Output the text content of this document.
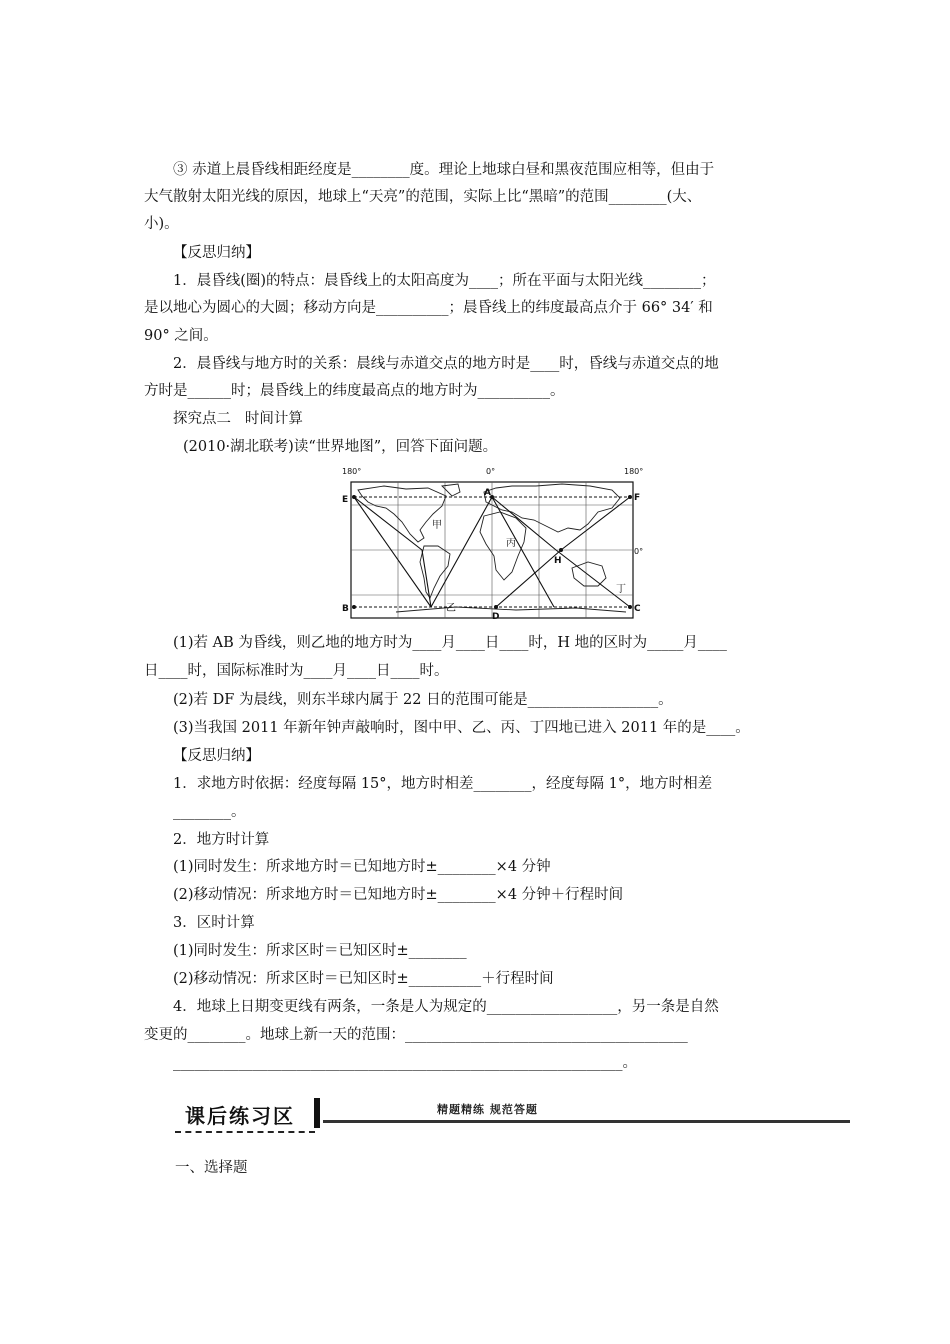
③ 赤道上晨昏线相距经度是________度。理论上地球白昼和黑夜范围应相等，但由于
大气散射太阳光线的原因，地球上“天亮”的范围，实际上比“黑暗”的范围________(大、
小)。
【反思归纳】
1．晨昏线(圈)的特点：晨昏线上的太阳高度为____；所在平面与太阳光线________；
是以地心为圆心的大圆；移动方向是__________；晨昏线上的纬度最高点介于 66° 34′ 和
90° 之间。
2．晨昏线与地方时的关系：晨线与赤道交点的地方时是____时，昏线与赤道交点的地
方时是______时；晨昏线上的纬度最高点的地方时为__________。
探究点二   时间计算
(2010·湖北联考)读“世界地图”，回答下面问题。
180°	0°	180°
0°
E
B
A
D
F
C
H
甲
乙
丙
丁
(1)若 AB 为昏线，则乙地的地方时为____月____日____时，H 地的区时为_____月____
日____时，国际标准时为____月____日____时。
(2)若 DF 为晨线，则东半球内属于 22 日的范围可能是__________________。
(3)当我国 2011 年新年钟声敲响时，图中甲、乙、丙、丁四地已进入 2011 年的是____。
【反思归纳】
1．求地方时依据：经度每隔 15°，地方时相差________，经度每隔 1°，地方时相差
________。
2．地方时计算
(1)同时发生：所求地方时＝已知地方时±________×4 分钟
(2)移动情况：所求地方时＝已知地方时±________×4 分钟＋行程时间
3．区时计算
(1)同时发生：所求区时＝已知区时±________
(2)移动情况：所求区时＝已知区时±__________＋行程时间
4．地球上日期变更线有两条，一条是人为规定的__________________，另一条是自然
变更的________。地球上新一天的范围：_______________________________________
______________________________________________________________。
课后练习区	精题精练 规范答题
一、选择题
